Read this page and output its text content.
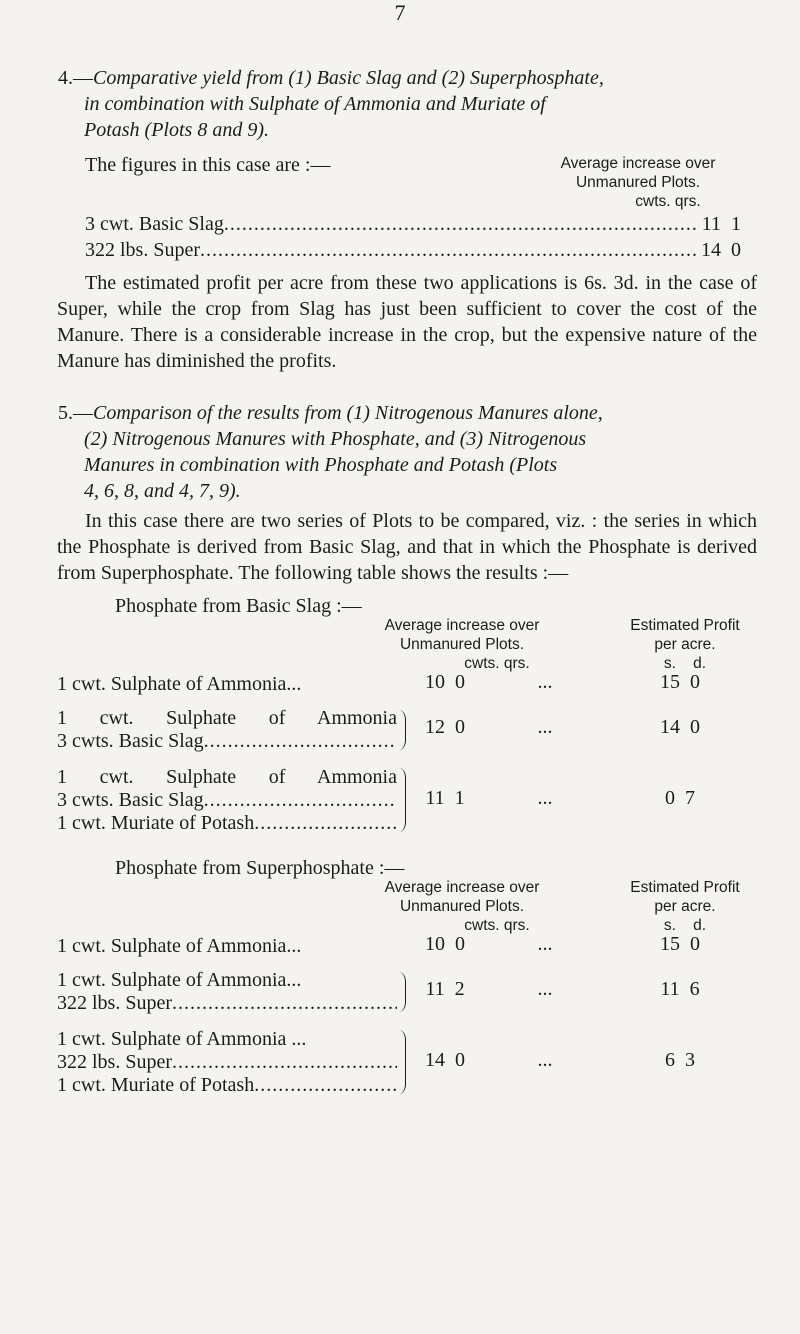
7
4.—Comparative yield from (1) Basic Slag and (2) Superphosphate,
in combination with Sulphate of Ammonia and Muriate of
Potash (Plots 8 and 9).
The figures in this case are :—	Average increase over
Unmanured Plots.
cwts. qrs.
3 cwt. Basic Slag .....	11  1
322 lbs. Super .....	14  0
The estimated profit per acre from these two applications is 6s. 3d. in the case of Super, while the crop from Slag has just been sufficient to cover the cost of the Manure. There is a considerable increase in the crop, but the expensive nature of the Manure has diminished the profits.
5.—Comparison of the results from (1) Nitrogenous Manures alone,
(2) Nitrogenous Manures with Phosphate, and (3) Nitrogenous
Manures in combination with Phosphate and Potash (Plots
4, 6, 8, and 4, 7, 9).
In this case there are two series of Plots to be compared, viz. : the series in which the Phosphate is derived from Basic Slag, and that in which the Phosphate is derived from Superphosphate. The following table shows the results :—
Phosphate from Basic Slag :—
Average increase over
Unmanured Plots.
cwts. qrs.
Estimated Profit
per acre.
s.    d.
1 cwt. Sulphate of Ammonia...	10  0	...	15  0
1 cwt. Sulphate of Ammonia
3 cwts. Basic Slag
.....
12  0	...	14  0
1 cwt. Sulphate of Ammonia
3 cwts. Basic Slag
.....
1 cwt. Muriate of Potash
.....
11  1	...	0  7
Phosphate from Superphosphate :—
Average increase over
Unmanured Plots.
cwts. qrs.
Estimated Profit
per acre.
s.    d.
1 cwt. Sulphate of Ammonia...	10  0	...	15  0
1 cwt. Sulphate of Ammonia...
322 lbs. Super
.....
11  2	...	11  6
1 cwt. Sulphate of Ammonia ...
322 lbs. Super
.....
1 cwt. Muriate of Potash
.....
14  0	...	6  3
